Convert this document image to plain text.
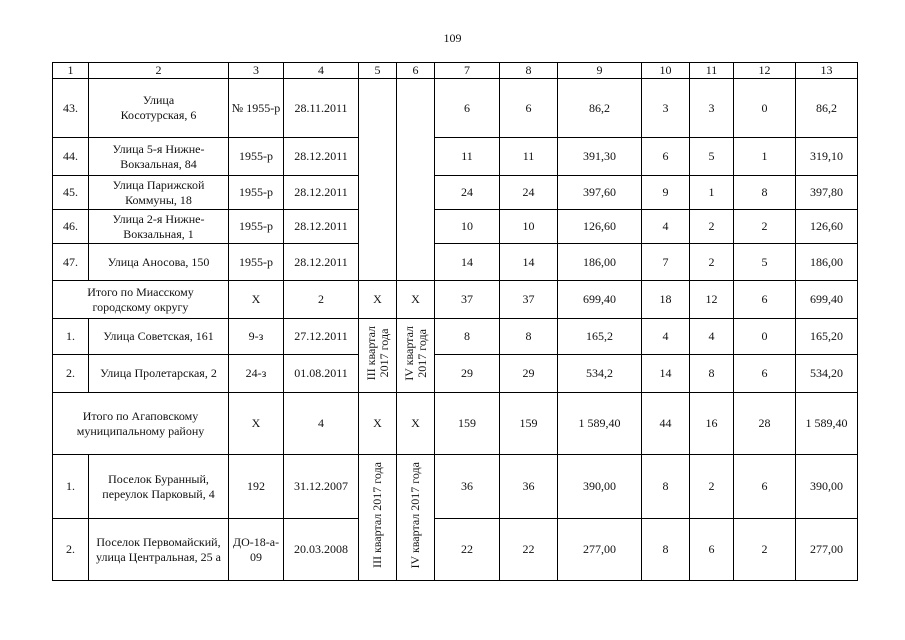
109
1	2	3	4	5	6	7	8	9	10	11	12	13
43.	Улица
Косотурская, 6	№ 1955-р	28.11.2011			6	6	86,2	3	3	0	86,2
44.	Улица 5-я Нижне-
Вокзальная, 84	1955-р	28.12.2011			11	11	391,30	6	5	1	319,10
45.	Улица Парижской
Коммуны, 18	1955-р	28.12.2011			24	24	397,60	9	1	8	397,80
46.	Улица 2-я Нижне-
Вокзальная, 1	1955-р	28.12.2011			10	10	126,60	4	2	2	126,60
47.	Улица Аносова, 150	1955-р	28.12.2011			14	14	186,00	7	2	5	186,00
Итого по Миасскому
городскому округу		Х	2	Х	Х	37	37	699,40	18	12	6	699,40
1.	Улица Советская, 161	9-з	27.12.2011	III квартал
2017 года	IV квартал
2017 года	8	8	165,2	4	4	0	165,20
2.	Улица Пролетарская, 2	24-з	01.08.2011			29	29	534,2	14	8	6	534,20
Итого по Агаповскому
муниципальному району		Х	4	Х	Х	159	159	1 589,40	44	16	28	1 589,40
1.	Поселок Буранный,
переулок Парковый, 4	192	31.12.2007	III квартал 2017 года	IV квартал 2017 года	36	36	390,00	8	2	6	390,00
2.	Поселок Первомайский,
улица Центральная, 25 а	ДО-18-а-
09	20.03.2008			22	22	277,00	8	6	2	277,00
